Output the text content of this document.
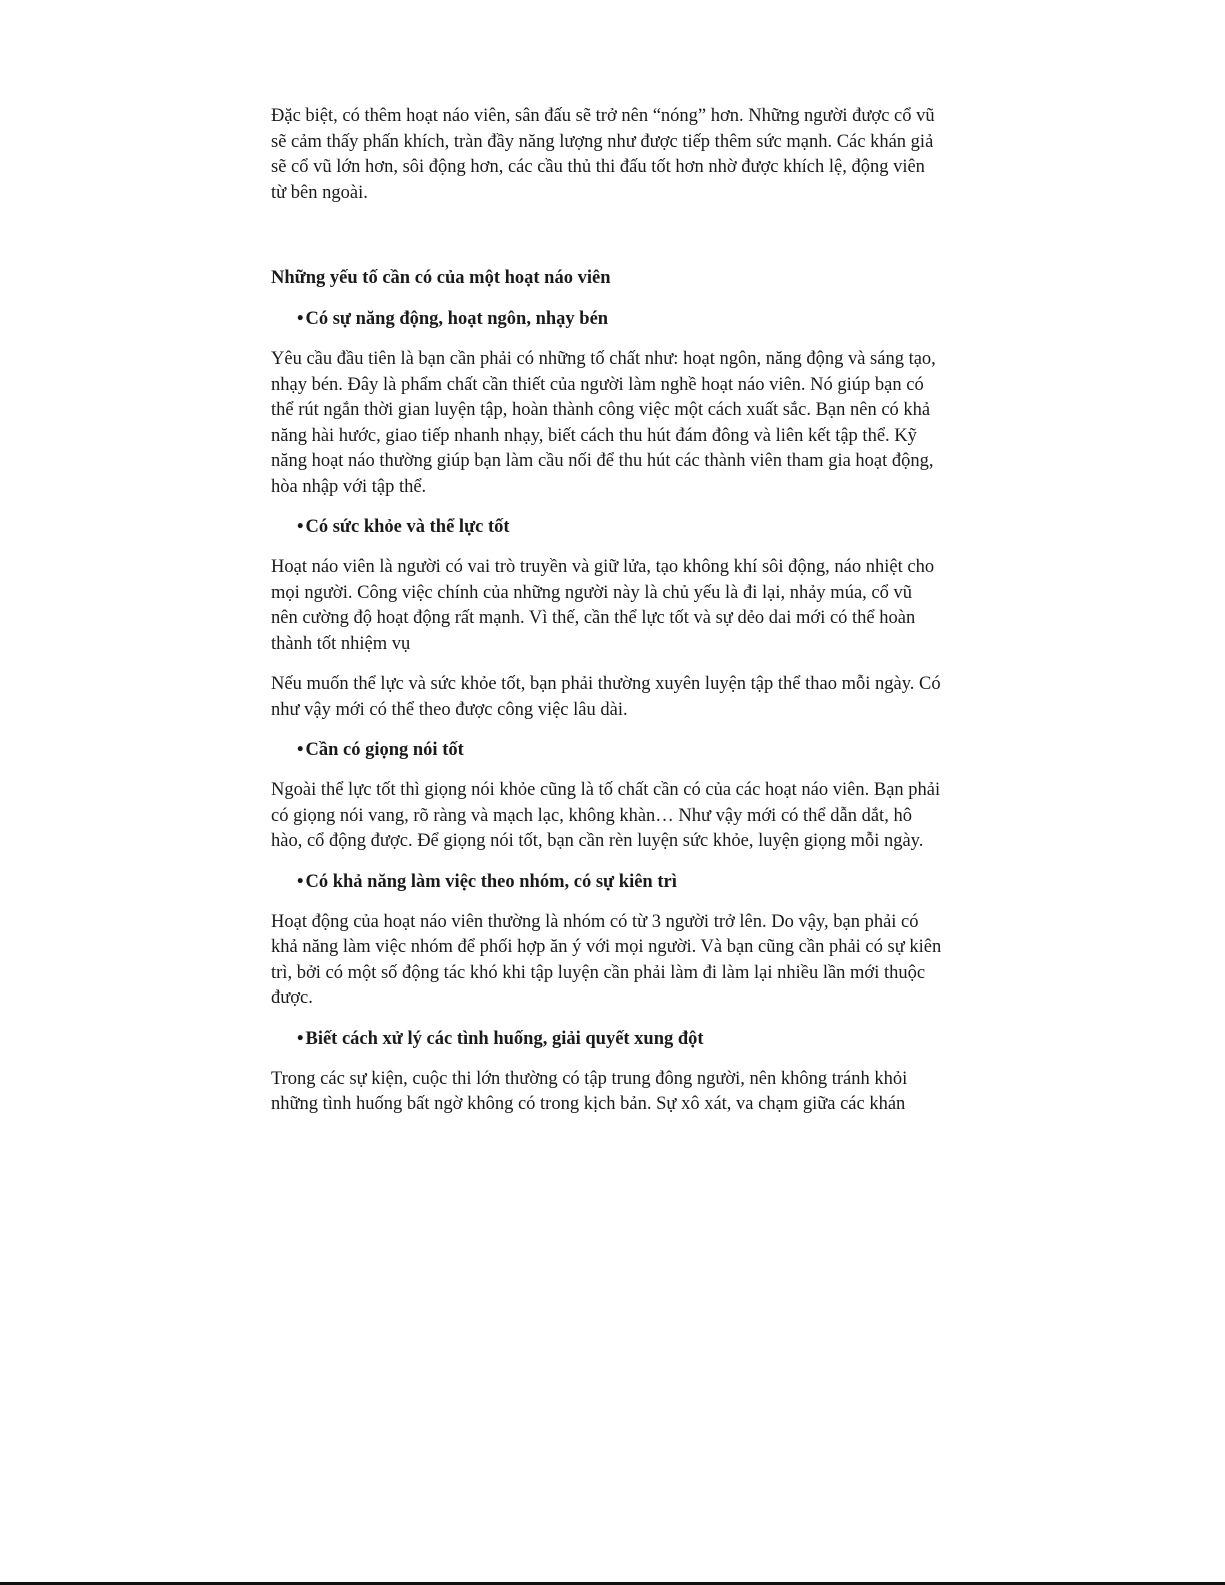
Đặc biệt, có thêm hoạt náo viên, sân đấu sẽ trở nên “nóng” hơn. Những người được cổ vũ sẽ cảm thấy phấn khích, tràn đầy năng lượng như được tiếp thêm sức mạnh. Các khán giả sẽ cổ vũ lớn hơn, sôi động hơn, các cầu thủ thi đấu tốt hơn nhờ được khích lệ, động viên từ bên ngoài.

Những yếu tố cần có của một hoạt náo viên
• Có sự năng động, hoạt ngôn, nhạy bén

Yêu cầu đầu tiên là bạn cần phải có những tố chất như: hoạt ngôn, năng động và sáng tạo, nhạy bén. Đây là phẩm chất cần thiết của người làm nghề hoạt náo viên. Nó giúp bạn có thể rút ngắn thời gian luyện tập, hoàn thành công việc một cách xuất sắc. Bạn nên có khả năng hài hước, giao tiếp nhanh nhạy, biết cách thu hút đám đông và liên kết tập thể. Kỹ năng hoạt náo thường giúp bạn làm cầu nối để thu hút các thành viên tham gia hoạt động, hòa nhập với tập thể.

• Có sức khỏe và thể lực tốt

Hoạt náo viên là người có vai trò truyền và giữ lửa, tạo không khí sôi động, náo nhiệt cho mọi người. Công việc chính của những người này là chủ yếu là đi lại, nhảy múa, cổ vũ nên cường độ hoạt động rất mạnh. Vì thế, cần thể lực tốt và sự dẻo dai mới có thể hoàn thành tốt nhiệm vụ

Nếu muốn thể lực và sức khỏe tốt, bạn phải thường xuyên luyện tập thể thao mỗi ngày. Có như vậy mới có thể theo được công việc lâu dài.

• Cần có giọng nói tốt

Ngoài thể lực tốt thì giọng nói khỏe cũng là tố chất cần có của các hoạt náo viên. Bạn phải có giọng nói vang, rõ ràng và mạch lạc, không khàn… Như vậy mới có thể dẫn dắt, hô hào, cổ động được. Để giọng nói tốt, bạn cần rèn luyện sức khỏe, luyện giọng mỗi ngày.

• Có khả năng làm việc theo nhóm, có sự kiên trì

Hoạt động của hoạt náo viên thường là nhóm có từ 3 người trở lên. Do vậy, bạn phải có khả năng làm việc nhóm để phối hợp ăn ý với mọi người. Và bạn cũng cần phải có sự kiên trì, bởi có một số động tác khó khi tập luyện cần phải làm đi làm lại nhiều lần mới thuộc được.

• Biết cách xử lý các tình huống, giải quyết xung đột

Trong các sự kiện, cuộc thi lớn thường có tập trung đông người, nên không tránh khỏi những tình huống bất ngờ không có trong kịch bản. Sự xô xát, va chạm giữa các khán
